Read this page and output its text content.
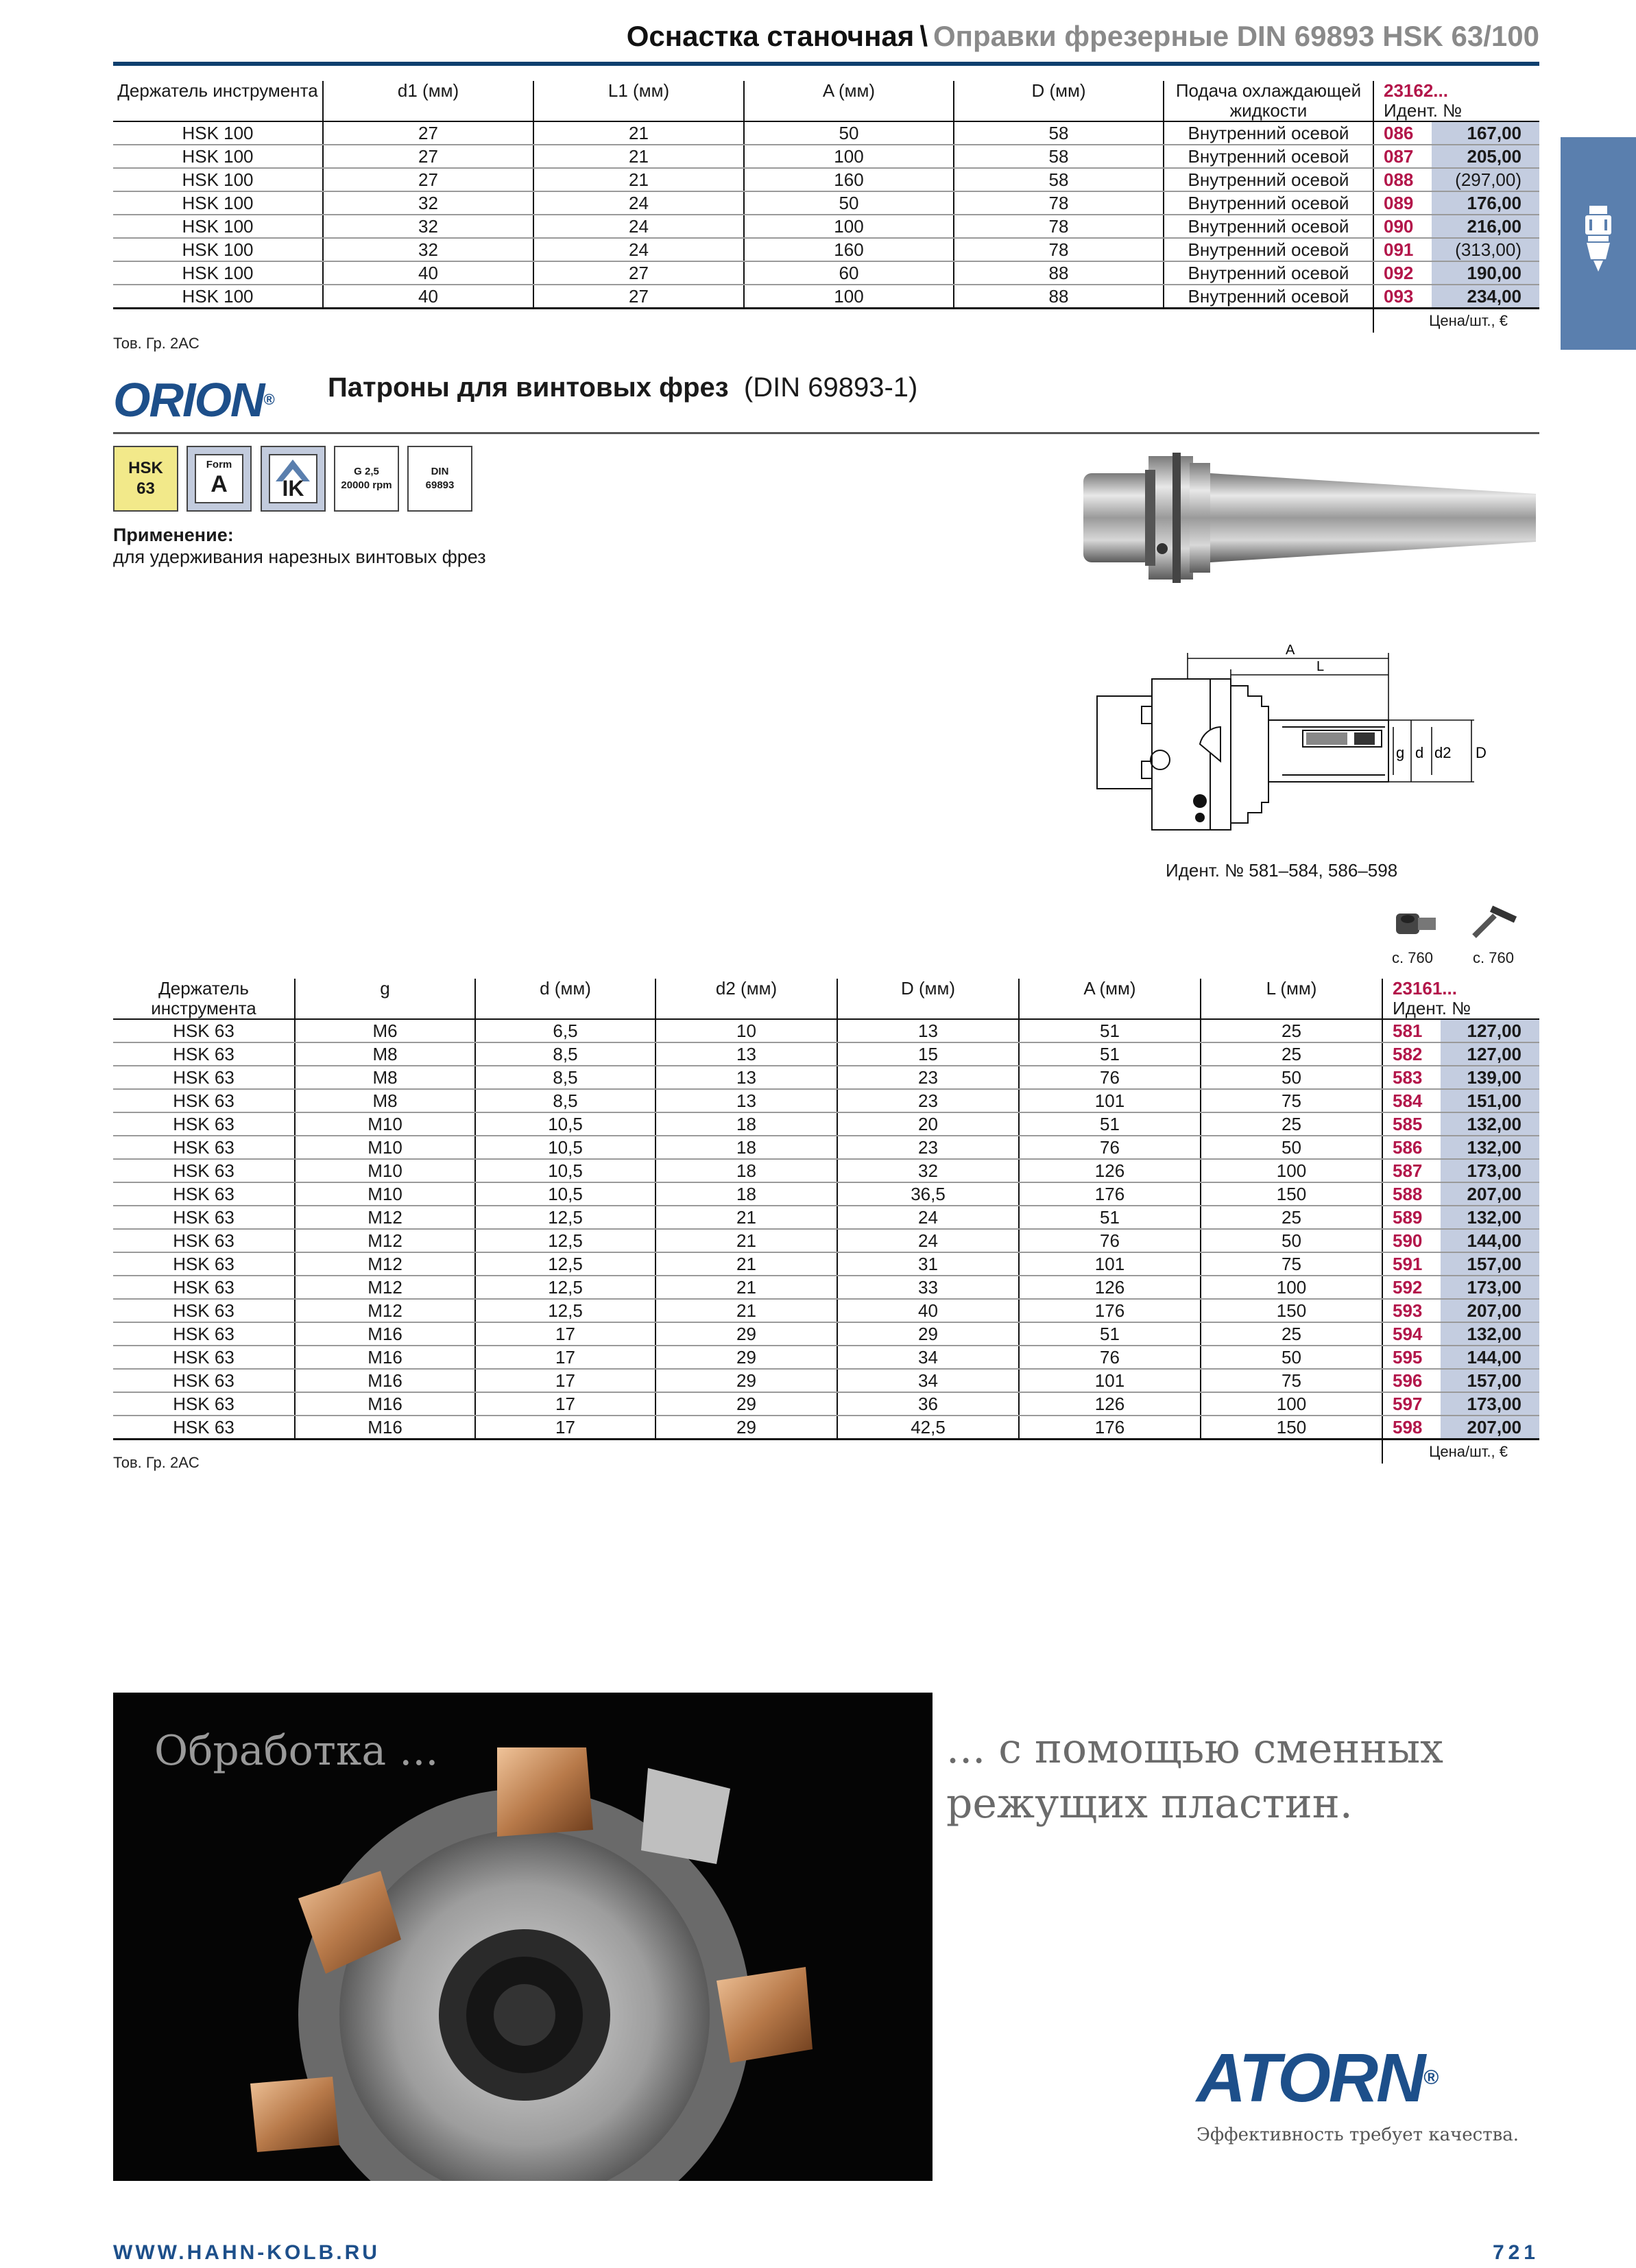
Оснастка станочная \ Оправки фрезерные DIN 69893 HSK 63/100
Держатель инструмента	d1 (мм)	L1 (мм)	A (мм)	D (мм)	Подача охлаждающей жидкости	23162...
Идент. №	
HSK 100	27	21	50	58	Внутренний осевой	086	167,00
HSK 100	27	21	100	58	Внутренний осевой	087	205,00
HSK 100	27	21	160	58	Внутренний осевой	088	(297,00)
HSK 100	32	24	50	78	Внутренний осевой	089	176,00
HSK 100	32	24	100	78	Внутренний осевой	090	216,00
HSK 100	32	24	160	78	Внутренний осевой	091	(313,00)
HSK 100	40	27	60	88	Внутренний осевой	092	190,00
HSK 100	40	27	100	88	Внутренний осевой	093	234,00
						Цена/шт., €	
Тов. Гр. 2AC
ORION® Патроны для винтовых фрез (DIN 69893-1)
HSK
63
Form
A	IK
G 2,5
20000 rpm
DIN
69893
Применение:
для удерживания нарезных винтовых фрез
A
L
g d d2 D
Идент. № 581–584, 586–598
с. 760	с. 760
Держатель инструмента	g	d (мм)	d2 (мм)	D (мм)	A (мм)	L (мм)	23161...
Идент. №	
HSK 63	M6	6,5	10	13	51	25	581	127,00
HSK 63	M8	8,5	13	15	51	25	582	127,00
HSK 63	M8	8,5	13	23	76	50	583	139,00
HSK 63	M8	8,5	13	23	101	75	584	151,00
HSK 63	M10	10,5	18	20	51	25	585	132,00
HSK 63	M10	10,5	18	23	76	50	586	132,00
HSK 63	M10	10,5	18	32	126	100	587	173,00
HSK 63	M10	10,5	18	36,5	176	150	588	207,00
HSK 63	M12	12,5	21	24	51	25	589	132,00
HSK 63	M12	12,5	21	24	76	50	590	144,00
HSK 63	M12	12,5	21	31	101	75	591	157,00
HSK 63	M12	12,5	21	33	126	100	592	173,00
HSK 63	M12	12,5	21	40	176	150	593	207,00
HSK 63	M16	17	29	29	51	25	594	132,00
HSK 63	M16	17	29	34	76	50	595	144,00
HSK 63	M16	17	29	34	101	75	596	157,00
HSK 63	M16	17	29	36	126	100	597	173,00
HSK 63	M16	17	29	42,5	176	150	598	207,00
							Цена/шт., €	
Тов. Гр. 2AC
Обработка ...	... с помощью сменных
режущих пластин.
ATORN®
Эффективность требует качества.
WWW.HAHN-KOLB.RU	721
